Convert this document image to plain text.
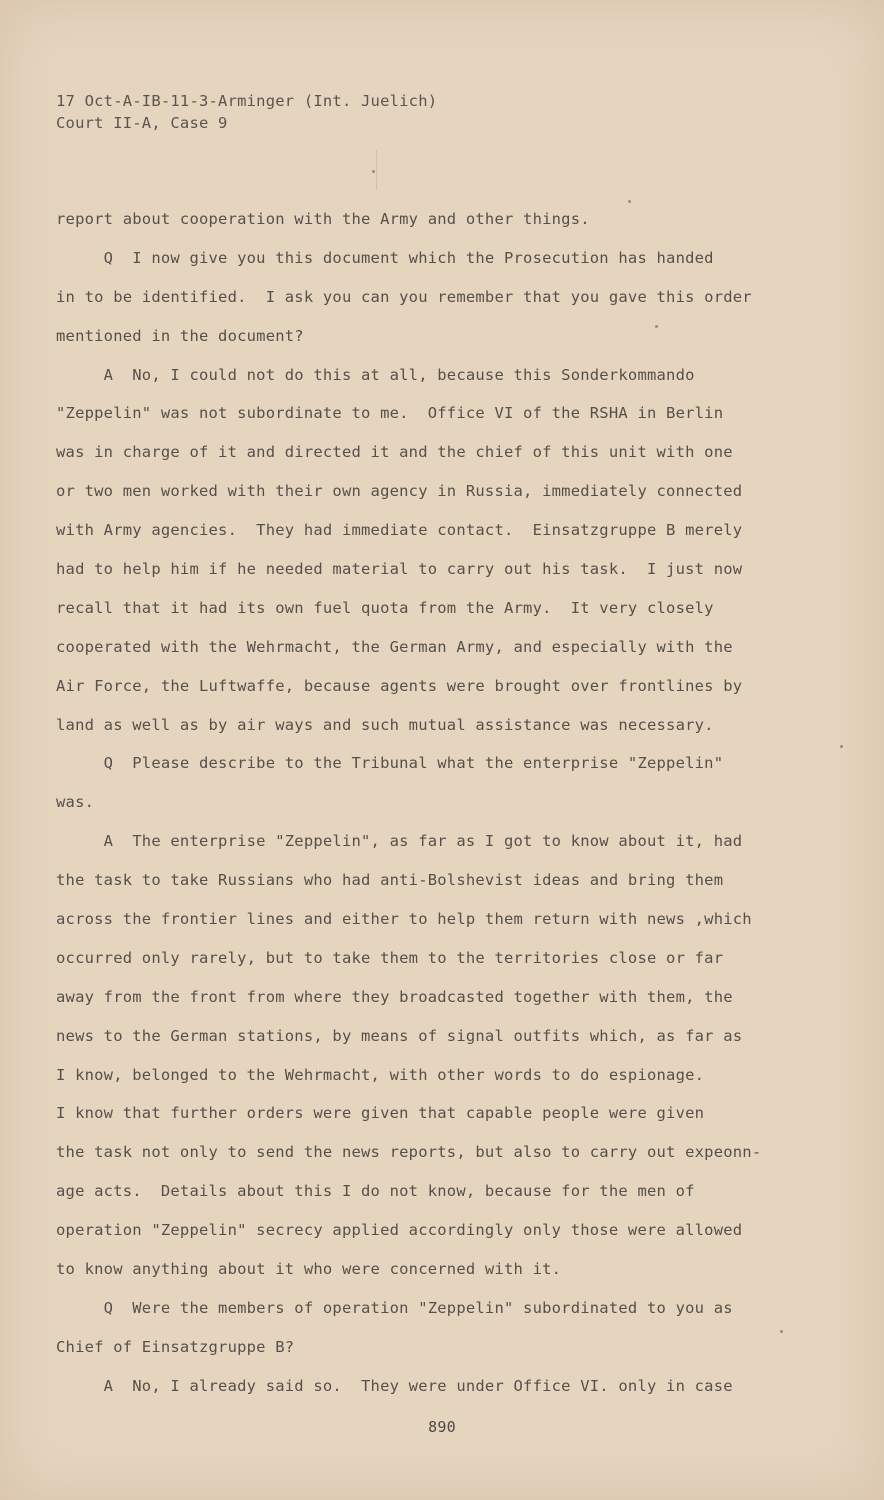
17 Oct-A-IB-11-3-Arminger (Int. Juelich)
Court II-A, Case 9
report about cooperation with the Army and other things.
Q  I now give you this document which the Prosecution has handed
in to be identified.  I ask you can you remember that you gave this order
mentioned in the document?
A  No, I could not do this at all, because this Sonderkommando
"Zeppelin" was not subordinate to me.  Office VI of the RSHA in Berlin
was in charge of it and directed it and the chief of this unit with one
or two men worked with their own agency in Russia, immediately connected
with Army agencies.  They had immediate contact.  Einsatzgruppe B merely
had to help him if he needed material to carry out his task.  I just now
recall that it had its own fuel quota from the Army.  It very closely
cooperated with the Wehrmacht, the German Army, and especially with the
Air Force, the Luftwaffe, because agents were brought over frontlines by
land as well as by air ways and such mutual assistance was necessary.
Q  Please describe to the Tribunal what the enterprise "Zeppelin"
was.
A  The enterprise "Zeppelin", as far as I got to know about it, had
the task to take Russians who had anti-Bolshevist ideas and bring them
across the frontier lines and either to help them return with news ,which
occurred only rarely, but to take them to the territories close or far
away from the front from where they broadcasted together with them, the
news to the German stations, by means of signal outfits which, as far as
I know, belonged to the Wehrmacht, with other words to do espionage.
I know that further orders were given that capable people were given
the task not only to send the news reports, but also to carry out expeonn-
age acts.  Details about this I do not know, because for the men of
operation "Zeppelin" secrecy applied accordingly only those were allowed
to know anything about it who were concerned with it.
Q  Were the members of operation "Zeppelin" subordinated to you as
Chief of Einsatzgruppe B?
A  No, I already said so.  They were under Office VI. only in case
890
